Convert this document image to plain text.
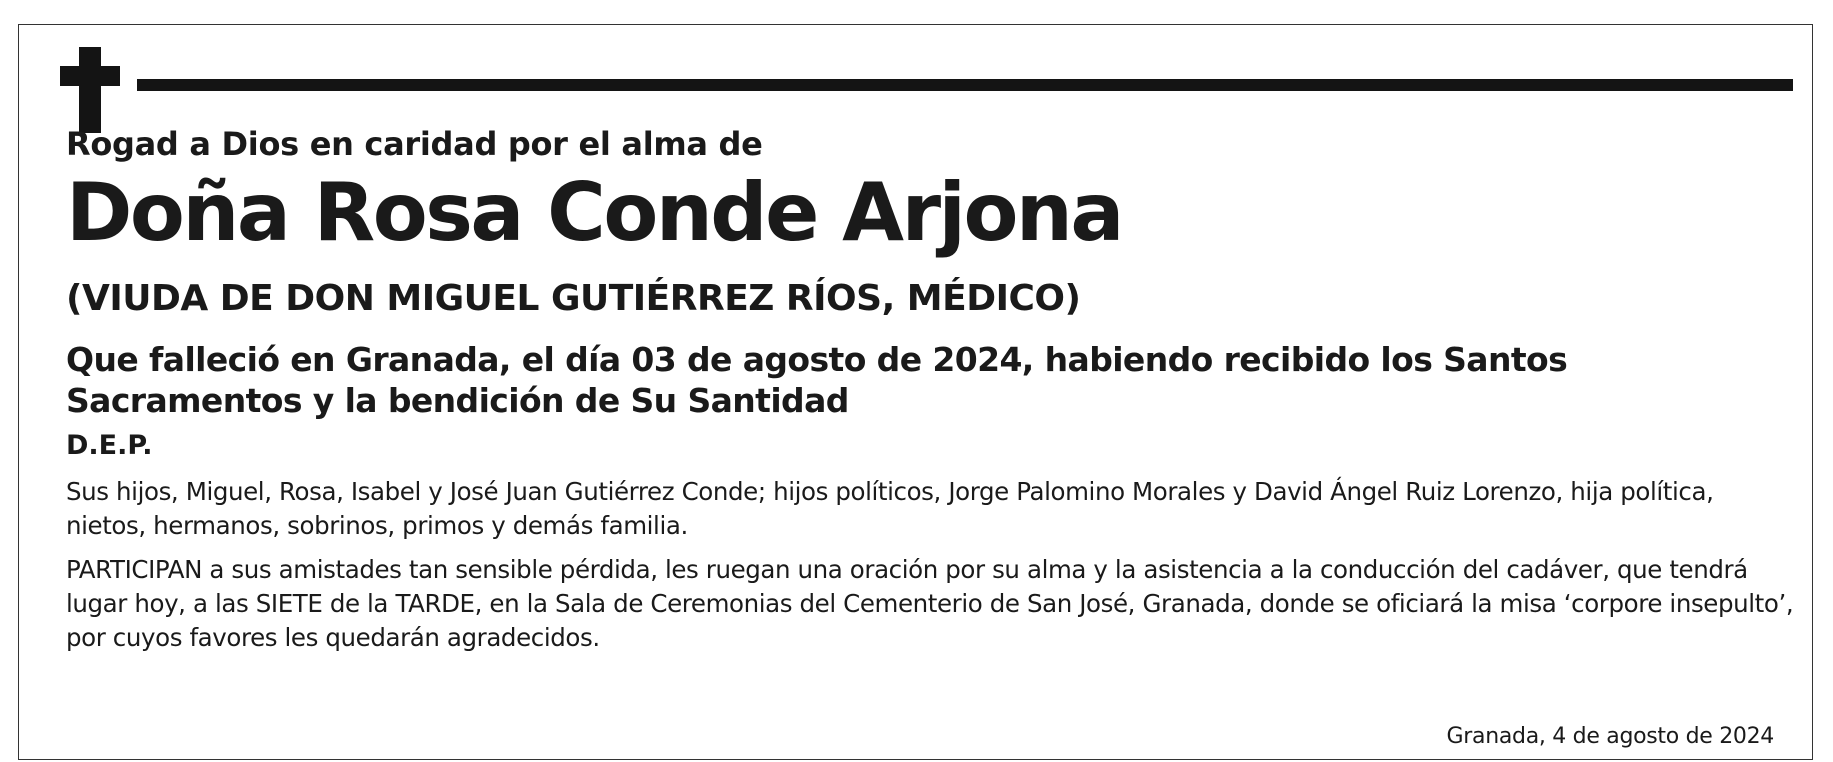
Rogad a Dios en caridad por el alma de

Doña Rosa Conde Arjona

(VIUDA DE DON MIGUEL GUTIÉRREZ RÍOS, MÉDICO)

Que falleció en Granada, el día 03 de agosto de 2024, habiendo recibido los Santos Sacramentos y la bendición de Su Santidad

D.E.P.

Sus hijos, Miguel, Rosa, Isabel y José Juan Gutiérrez Conde; hijos políticos, Jorge Palomino Morales y David Ángel Ruiz Lorenzo, hija política, nietos, hermanos, sobrinos, primos y demás familia.

PARTICIPAN a sus amistades tan sensible pérdida, les ruegan una oración por su alma y la asistencia a la conducción del cadáver, que tendrá lugar hoy, a las SIETE de la TARDE, en la Sala de Ceremonias del Cementerio de San José, Granada, donde se oficiará la misa ‘corpore insepulto’, por cuyos favores les quedarán agradecidos.

Granada, 4 de agosto de 2024
